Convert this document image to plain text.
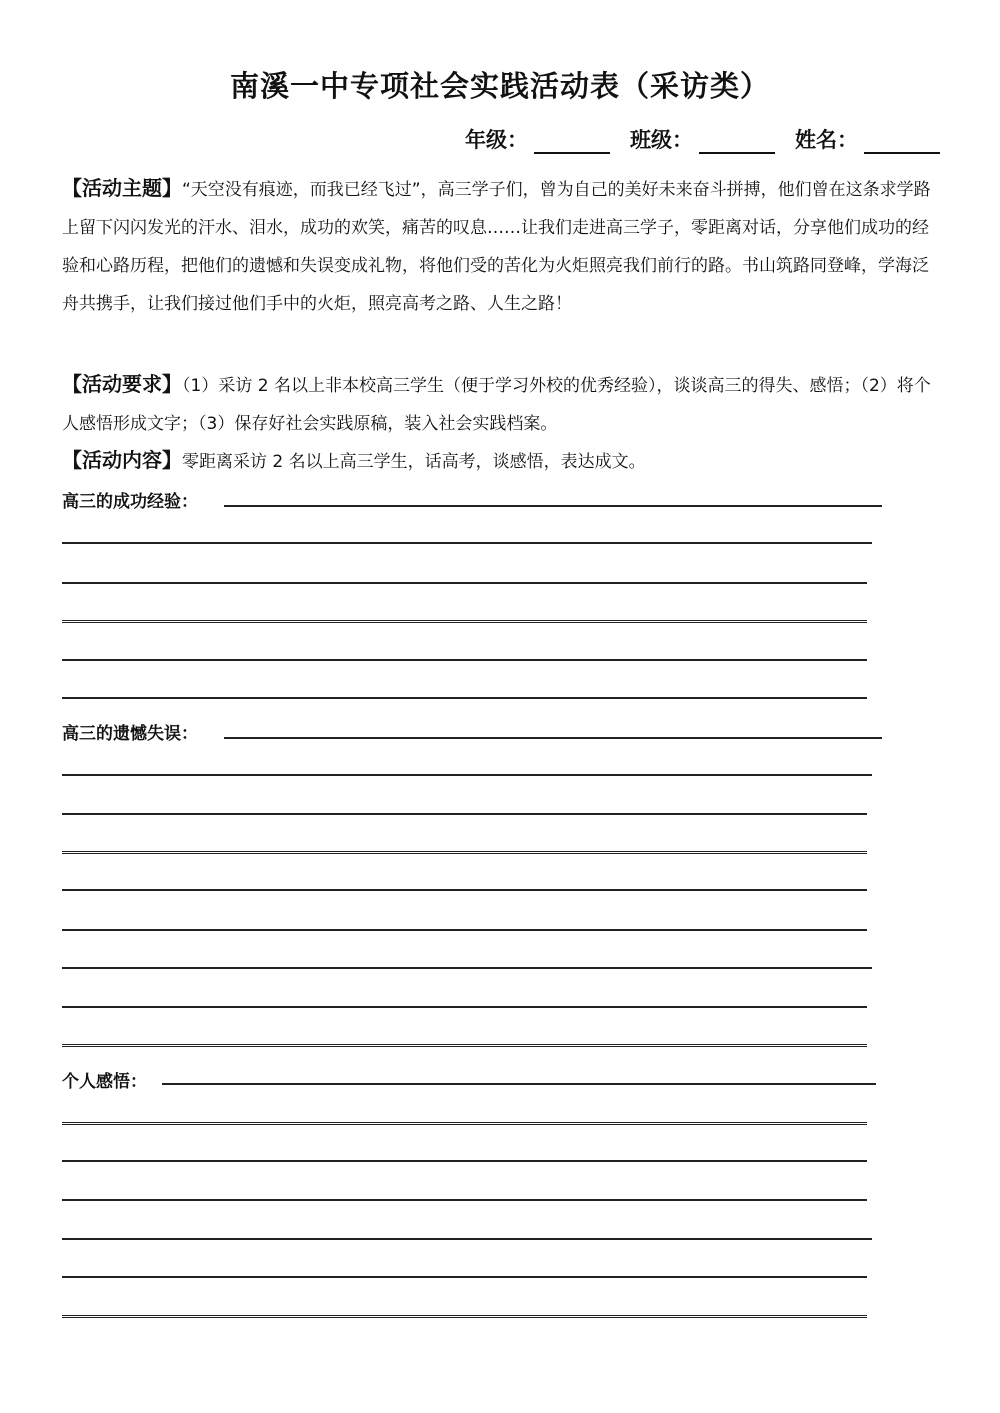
南溪一中专项社会实践活动表（采访类）
年级：	班级：	姓名：
【活动主题】“天空没有痕迹，而我已经飞过”，高三学子们，曾为自己的美好未来奋斗拼搏，他们曾在这条求学路上留下闪闪发光的汗水、泪水，成功的欢笑，痛苦的叹息……让我们走进高三学子，零距离对话，分享他们成功的经验和心路历程，把他们的遗憾和失误变成礼物，将他们受的苦化为火炬照亮我们前行的路。书山筑路同登峰，学海泛舟共携手，让我们接过他们手中的火炬，照亮高考之路、人生之路！
【活动要求】（1）采访 2 名以上非本校高三学生（便于学习外校的优秀经验），谈谈高三的得失、感悟；（2）将个人感悟形成文字；（3）保存好社会实践原稿，装入社会实践档案。
【活动内容】零距离采访 2 名以上高三学生，话高考，谈感悟，表达成文。
高三的成功经验：
高三的遗憾失误：
个人感悟：
